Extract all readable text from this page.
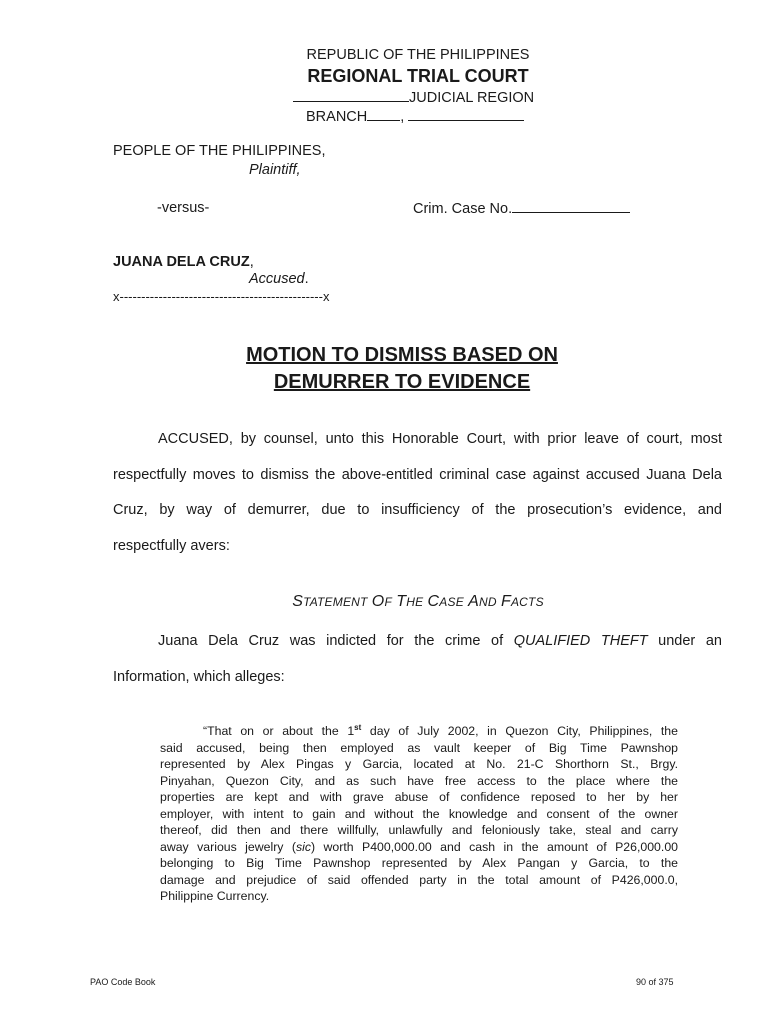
REPUBLIC OF THE PHILIPPINES
REGIONAL TRIAL COURT
JUDICIAL REGION
BRANCH ,
PEOPLE OF THE PHILIPPINES,
Plaintiff,
-versus-	Crim. Case No.
JUANA DELA CRUZ,
Accused.
x-----------------------------------------------x
MOTION TO DISMISS BASED ON
DEMURRER TO EVIDENCE
ACCUSED, by counsel, unto this Honorable Court, with prior leave of court, most
respectfully moves to dismiss the above-entitled criminal case against accused Juana Dela
Cruz, by way of demurrer, due to insufficiency of the prosecution’s evidence, and
respectfully avers:
STATEMENT OF THE CASE AND FACTS
Juana Dela Cruz was indicted for the crime of QUALIFIED THEFT under an
Information, which alleges:
“That on or about the 1st day of July 2002, in Quezon City, Philippines, the
said accused, being then employed as vault keeper of Big Time Pawnshop
represented by Alex Pingas y Garcia, located at No. 21-C Shorthorn St., Brgy.
Pinyahan, Quezon City, and as such have free access to the place where the
properties are kept and with grave abuse of confidence reposed to her by her
employer, with intent to gain and without the knowledge and consent of the owner
thereof, did then and there willfully, unlawfully and feloniously take, steal and carry
away various jewelry (sic) worth P400,000.00 and cash in the amount of P26,000.00
belonging to Big Time Pawnshop represented by Alex Pangan y Garcia, to the
damage and prejudice of said offended party in the total amount of P426,000.0,
Philippine Currency.
PAO Code Book	90 of 375
